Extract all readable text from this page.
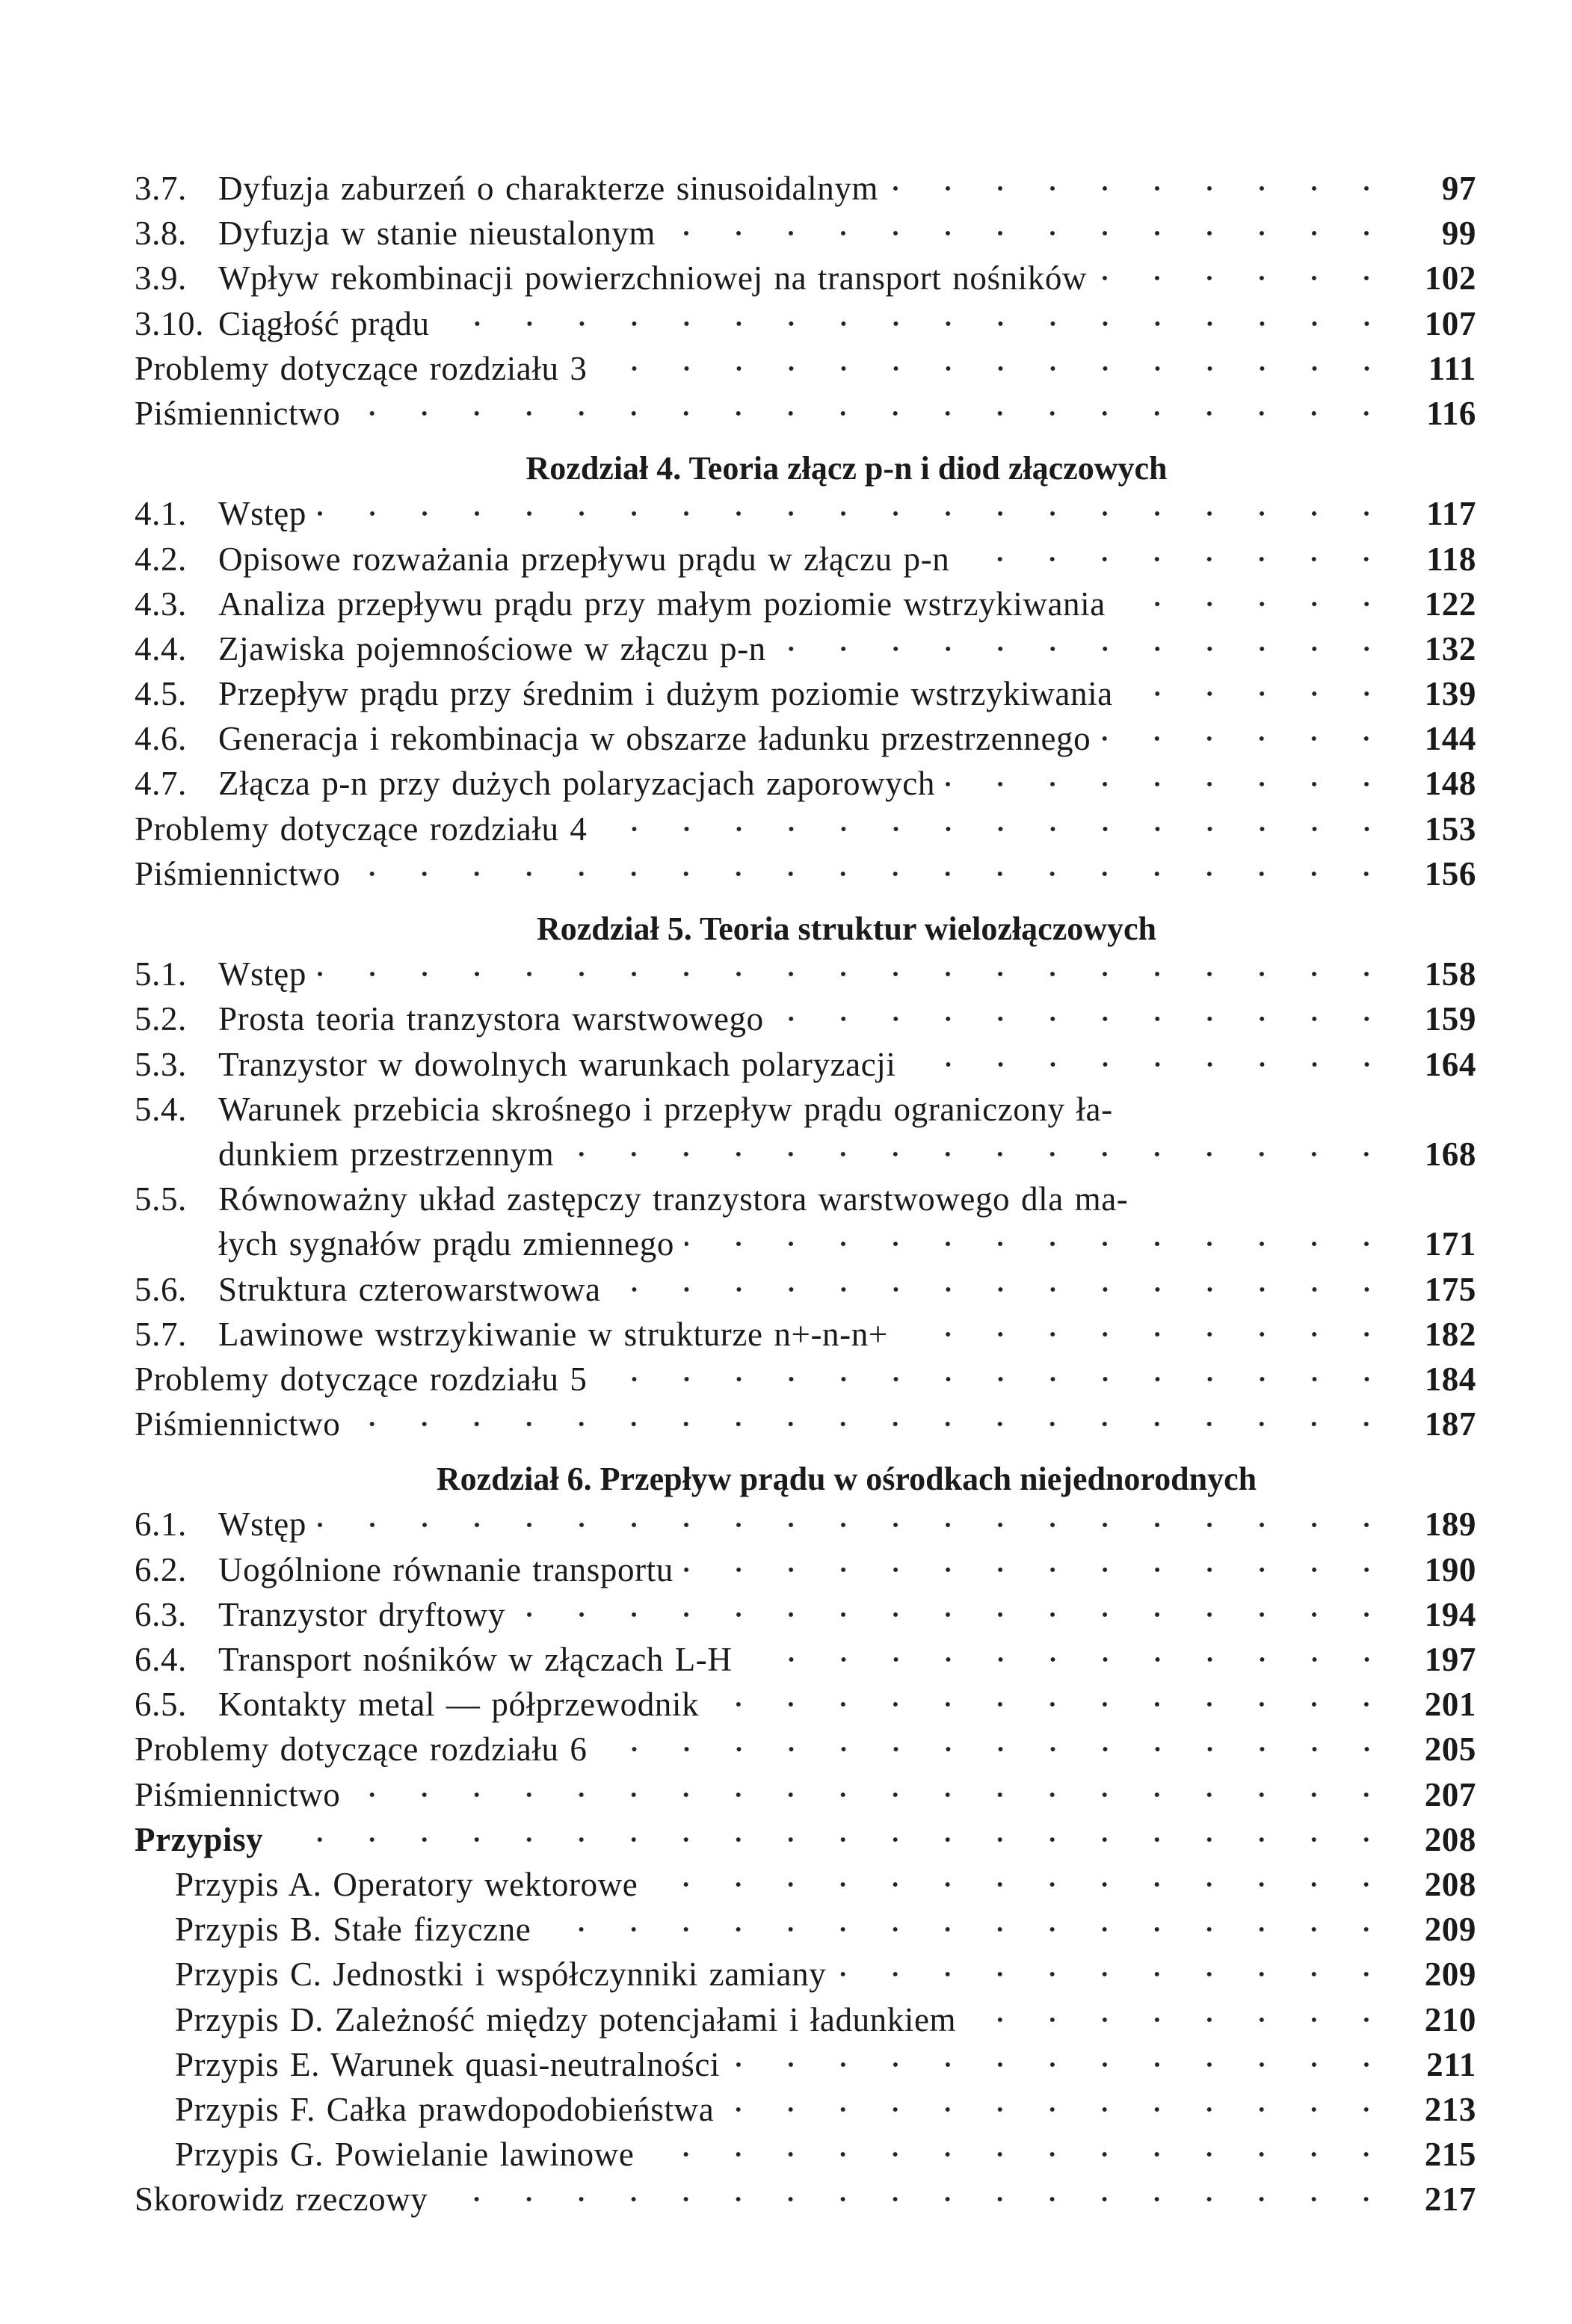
3.7. Dyfuzja zaburzeń o charakterze sinusoidalnym	97
3.8. Dyfuzja w stanie nieustalonym	99
3.9. Wpływ rekombinacji powierzchniowej na transport nośników	102
3.10. Ciągłość prądu	107
Problemy dotyczące rozdziału 3	111
Piśmiennictwo	116
Rozdział 4. Teoria złącz p-n i diod złączowych
4.1. Wstęp	117
4.2. Opisowe rozważania przepływu prądu w złączu p-n	118
4.3. Analiza przepływu prądu przy małym poziomie wstrzykiwania	122
4.4. Zjawiska pojemnościowe w złączu p-n	132
4.5. Przepływ prądu przy średnim i dużym poziomie wstrzykiwania	139
4.6. Generacja i rekombinacja w obszarze ładunku przestrzennego	144
4.7. Złącza p-n przy dużych polaryzacjach zaporowych	148
Problemy dotyczące rozdziału 4	153
Piśmiennictwo	156
Rozdział 5. Teoria struktur wielozłączowych
5.1. Wstęp	158
5.2. Prosta teoria tranzystora warstwowego	159
5.3. Tranzystor w dowolnych warunkach polaryzacji	164
5.4. Warunek przebicia skrośnego i przepływ prądu ograniczony ła-
dunkiem przestrzennym	168
5.5. Równoważny układ zastępczy tranzystora warstwowego dla ma-
łych sygnałów prądu zmiennego	171
5.6. Struktura czterowarstwowa	175
5.7. Lawinowe wstrzykiwanie w strukturze n+-n-n+	182
Problemy dotyczące rozdziału 5	184
Piśmiennictwo	187
Rozdział 6. Przepływ prądu w ośrodkach niejednorodnych
6.1. Wstęp	189
6.2. Uogólnione równanie transportu	190
6.3. Tranzystor dryftowy	194
6.4. Transport nośników w złączach L-H	197
6.5. Kontakty metal — półprzewodnik	201
Problemy dotyczące rozdziału 6	205
Piśmiennictwo	207
Przypisy	208
Przypis A. Operatory wektorowe	208
Przypis B. Stałe fizyczne	209
Przypis C. Jednostki i współczynniki zamiany	209
Przypis D. Zależność między potencjałami i ładunkiem	210
Przypis E. Warunek quasi-neutralności	211
Przypis F. Całka prawdopodobieństwa	213
Przypis G. Powielanie lawinowe	215
Skorowidz rzeczowy	217
